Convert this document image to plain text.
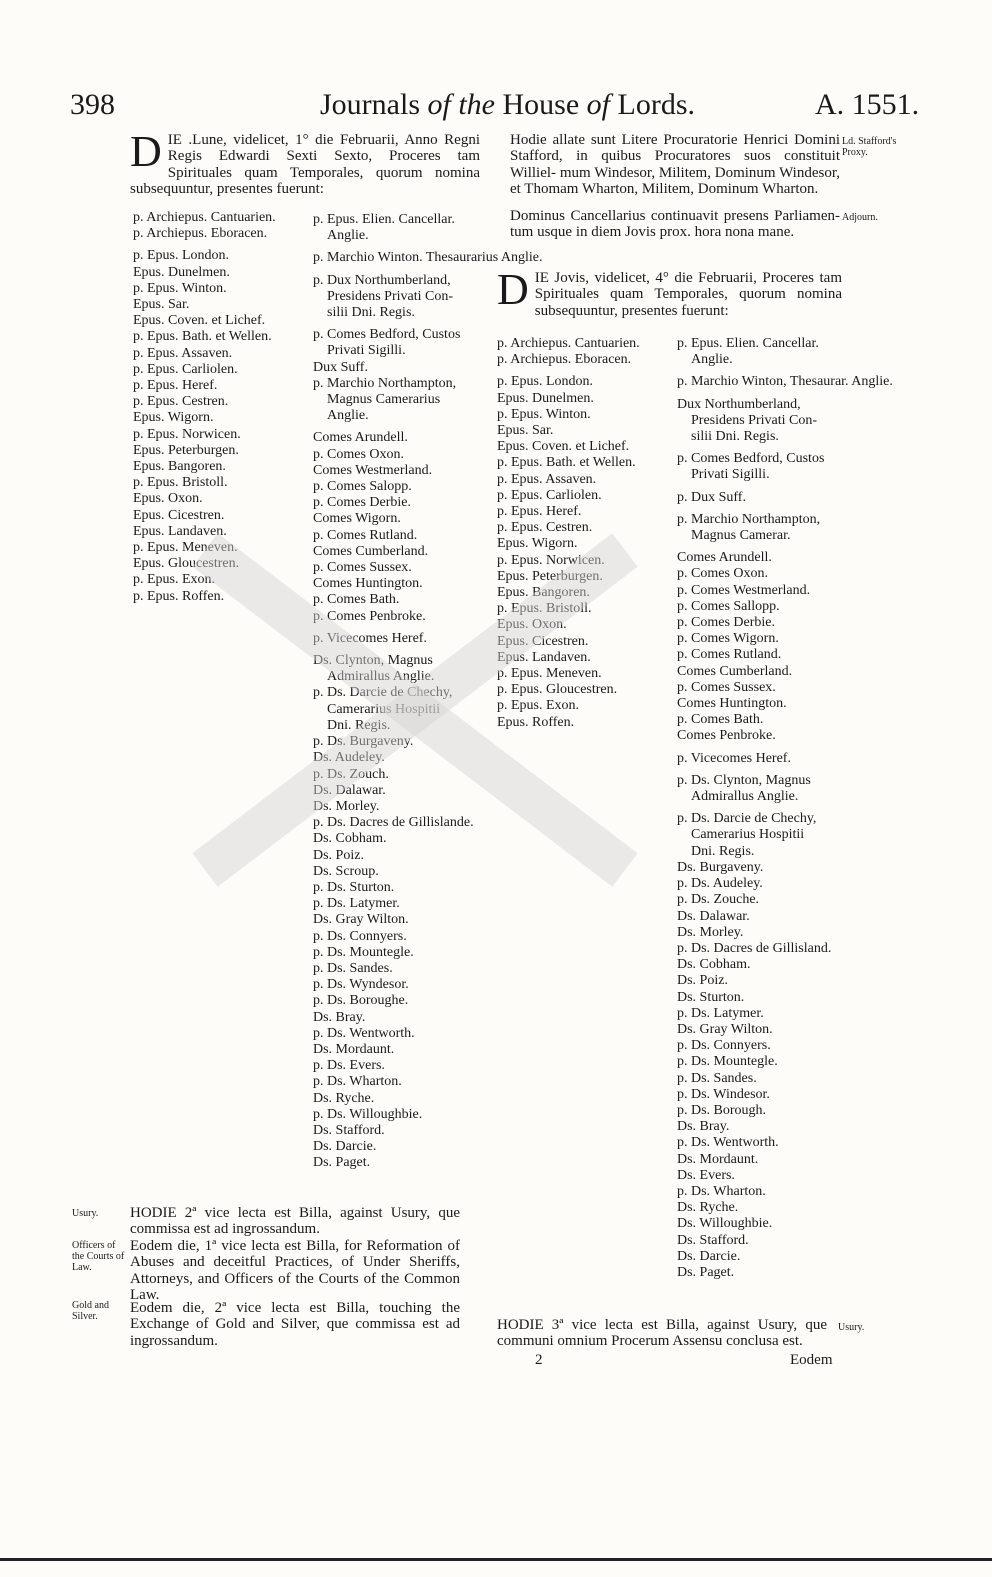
398	Journals of the House of Lords.	A. 1551.
DIE .Lune, videlicet, 1° die Februarii, Anno Regni Regis Edwardi Sexti Sexto, Proceres tam Spirituales quam Temporales, quorum nomina subsequuntur, presentes fuerunt:
p. Archiepus. Cantuarien.
p. Archiepus. Eboracen.
p. Epus. London.
Epus. Dunelmen.
p. Epus. Winton.
Epus. Sar.
Epus. Coven. et Lichef.
p. Epus. Bath. et Wellen.
p. Epus. Assaven.
p. Epus. Carliolen.
p. Epus. Heref.
p. Epus. Cestren.
Epus. Wigorn.
p. Epus. Norwicen.
Epus. Peterburgen.
Epus. Bangoren.
p. Epus. Bristoll.
Epus. Oxon.
Epus. Cicestren.
Epus. Landaven.
p. Epus. Meneven.
Epus. Gloucestren.
p. Epus. Exon.
p. Epus. Roffen.
p. Epus. Elien. Cancellar.
Anglie.
p. Marchio Winton. Thesaurarius Anglie.
p. Dux Northumberland,
Presidens Privati Con-
silii Dni. Regis.
p. Comes Bedford, Custos
Privati Sigilli.
Dux Suff.
p. Marchio Northampton,
Magnus Camerarius
Anglie.
Comes Arundell.
p. Comes Oxon.
Comes Westmerland.
p. Comes Salopp.
p. Comes Derbie.
Comes Wigorn.
p. Comes Rutland.
Comes Cumberland.
p. Comes Sussex.
Comes Huntington.
p. Comes Bath.
p. Comes Penbroke.
p. Vicecomes Heref.
Ds. Clynton, Magnus
Admirallus Anglie.
p. Ds. Darcie de Chechy,
Camerarius Hospitii
Dni. Regis.
p. Ds. Burgaveny.
Ds. Audeley.
p. Ds. Zouch.
Ds. Dalawar.
Ds. Morley.
p. Ds. Dacres de Gillislande.
Ds. Cobham.
Ds. Poiz.
Ds. Scroup.
p. Ds. Sturton.
p. Ds. Latymer.
Ds. Gray Wilton.
p. Ds. Connyers.
p. Ds. Mountegle.
p. Ds. Sandes.
p. Ds. Wyndesor.
p. Ds. Boroughe.
Ds. Bray.
p. Ds. Wentworth.
Ds. Mordaunt.
p. Ds. Evers.
p. Ds. Wharton.
Ds. Ryche.
p. Ds. Willoughbie.
Ds. Stafford.
Ds. Darcie.
Ds. Paget.
Hodie allate sunt Litere Procuratorie Henrici Domini Stafford, in quibus Procuratores suos constituit Williel- mum Windesor, Militem, Dominum Windesor, et Thomam Wharton, Militem, Dominum Wharton.
Ld. Stafford's Proxy.
Dominus Cancellarius continuavit presens Parliamen- tum usque in diem Jovis prox. hora nona mane.
Adjourn.
DIE Jovis, videlicet, 4° die Februarii, Proceres tam Spirituales quam Temporales, quorum nomina subsequuntur, presentes fuerunt:
p. Archiepus. Cantuarien.
p. Archiepus. Eboracen.
p. Epus. London.
Epus. Dunelmen.
p. Epus. Winton.
Epus. Sar.
Epus. Coven. et Lichef.
p. Epus. Bath. et Wellen.
p. Epus. Assaven.
p. Epus. Carliolen.
p. Epus. Heref.
p. Epus. Cestren.
Epus. Wigorn.
p. Epus. Norwicen.
Epus. Peterburgen.
Epus. Bangoren.
p. Epus. Bristoll.
Epus. Oxon.
Epus. Cicestren.
Epus. Landaven.
p. Epus. Meneven.
p. Epus. Gloucestren.
p. Epus. Exon.
Epus. Roffen.
p. Epus. Elien. Cancellar.
Anglie.
p. Marchio Winton, Thesaurar. Anglie.
Dux Northumberland,
Presidens Privati Con-
silii Dni. Regis.
p. Comes Bedford, Custos
Privati Sigilli.
p. Dux Suff.
p. Marchio Northampton,
Magnus Camerar.
Comes Arundell.
p. Comes Oxon.
p. Comes Westmerland.
p. Comes Sallopp.
p. Comes Derbie.
p. Comes Wigorn.
p. Comes Rutland.
Comes Cumberland.
p. Comes Sussex.
Comes Huntington.
p. Comes Bath.
Comes Penbroke.
p. Vicecomes Heref.
p. Ds. Clynton, Magnus
Admirallus Anglie.
p. Ds. Darcie de Chechy,
Camerarius Hospitii
Dni. Regis.
Ds. Burgaveny.
p. Ds. Audeley.
p. Ds. Zouche.
Ds. Dalawar.
Ds. Morley.
p. Ds. Dacres de Gillisland.
Ds. Cobham.
Ds. Poiz.
Ds. Sturton.
p. Ds. Latymer.
Ds. Gray Wilton.
p. Ds. Connyers.
p. Ds. Mountegle.
p. Ds. Sandes.
p. Ds. Windesor.
p. Ds. Borough.
Ds. Bray.
p. Ds. Wentworth.
Ds. Mordaunt.
Ds. Evers.
p. Ds. Wharton.
Ds. Ryche.
Ds. Willoughbie.
Ds. Stafford.
Ds. Darcie.
Ds. Paget.
Usury.	HODIE 2ª vice lecta est Billa, against Usury, que commissa est ad ingrossandum.
Officers of the Courts of Law.
Eodem die, 1ª vice lecta est Billa, for Reformation of Abuses and deceitful Practices, of Under Sheriffs, Attorneys, and Officers of the Courts of the Common Law.
Gold and Silver.
Eodem die, 2ª vice lecta est Billa, touching the Exchange of Gold and Silver, que commissa est ad ingrossandum.
HODIE 3ª vice lecta est Billa, against Usury, que communi omnium Procerum Assensu conclusa est.
Usury.
2	Eodem
